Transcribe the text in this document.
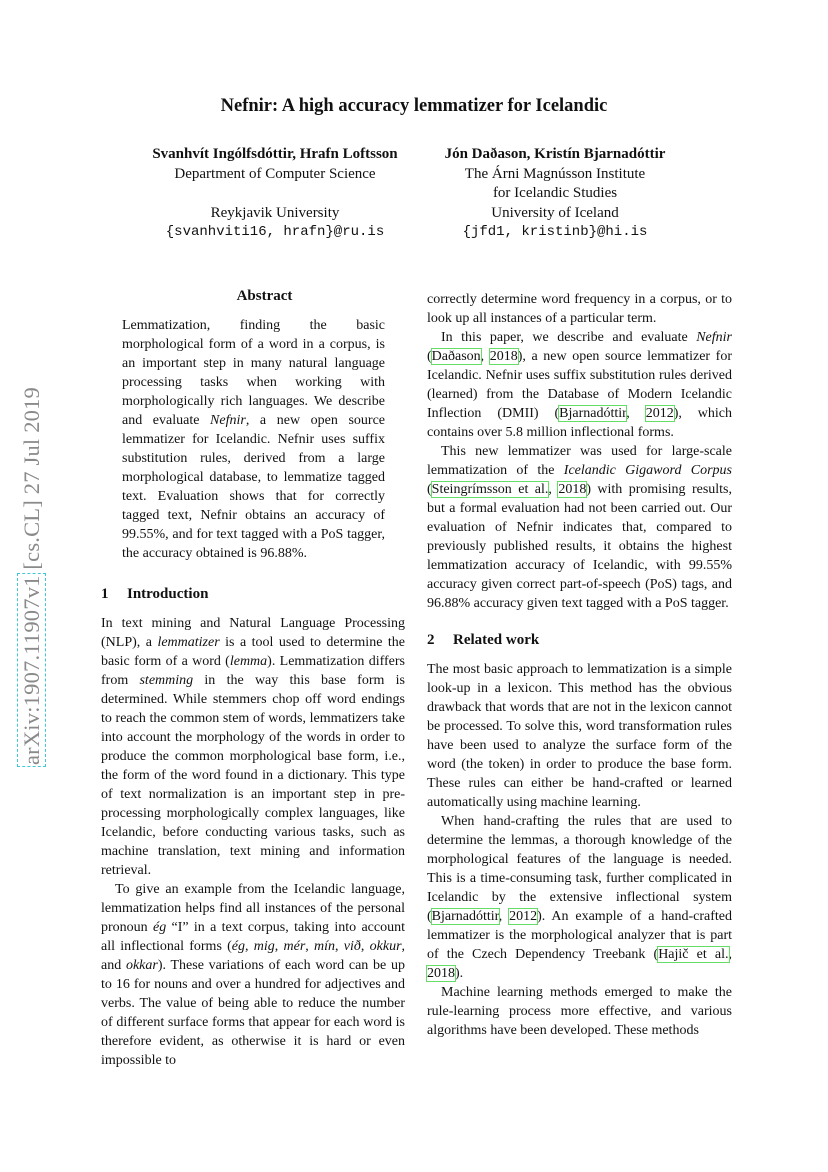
Nefnir: A high accuracy lemmatizer for Icelandic
Svanhvít Ingólfsdóttir, Hrafn Loftsson
Department of Computer Science
Reykjavik University
{svanhviti16, hrafn}@ru.is
Jón Daðason, Kristín Bjarnadóttir
The Árni Magnússon Institute
for Icelandic Studies
University of Iceland
{jfd1, kristinb}@hi.is
arXiv:1907.11907v1 [cs.CL] 27 Jul 2019
Abstract

Lemmatization, finding the basic morphological form of a word in a corpus, is an important step in many natural language processing tasks when working with morphologically rich languages. We describe and evaluate Nefnir, a new open source lemmatizer for Icelandic. Nefnir uses suffix substitution rules, derived from a large morphological database, to lemmatize tagged text. Evaluation shows that for correctly tagged text, Nefnir obtains an accuracy of 99.55%, and for text tagged with a PoS tagger, the accuracy obtained is 96.88%.

1 Introduction

In text mining and Natural Language Processing (NLP), a lemmatizer is a tool used to determine the basic form of a word (lemma). Lemmatization differs from stemming in the way this base form is determined. While stemmers chop off word endings to reach the common stem of words, lemmatizers take into account the morphology of the words in order to produce the common morphological base form, i.e., the form of the word found in a dictionary. This type of text normalization is an important step in pre-processing morphologically complex languages, like Icelandic, before conducting various tasks, such as machine translation, text mining and information retrieval.

To give an example from the Icelandic language, lemmatization helps find all instances of the personal pronoun ég “I” in a text corpus, taking into account all inflectional forms (ég, mig, mér, mín, við, okkur, and okkar). These variations of each word can be up to 16 for nouns and over a hundred for adjectives and verbs. The value of being able to reduce the number of different surface forms that appear for each word is therefore evident, as otherwise it is hard or even impossible to

correctly determine word frequency in a corpus, or to look up all instances of a particular term.

In this paper, we describe and evaluate Nefnir (Daðason, 2018), a new open source lemmatizer for Icelandic. Nefnir uses suffix substitution rules derived (learned) from the Database of Modern Icelandic Inflection (DMII) (Bjarnadóttir, 2012), which contains over 5.8 million inflectional forms.

This new lemmatizer was used for large-scale lemmatization of the Icelandic Gigaword Corpus (Steingrímsson et al., 2018) with promising results, but a formal evaluation had not been carried out. Our evaluation of Nefnir indicates that, compared to previously published results, it obtains the highest lemmatization accuracy of Icelandic, with 99.55% accuracy given correct part-of-speech (PoS) tags, and 96.88% accuracy given text tagged with a PoS tagger.

2 Related work

The most basic approach to lemmatization is a simple look-up in a lexicon. This method has the obvious drawback that words that are not in the lexicon cannot be processed. To solve this, word transformation rules have been used to analyze the surface form of the word (the token) in order to produce the base form. These rules can either be hand-crafted or learned automatically using machine learning.

When hand-crafting the rules that are used to determine the lemmas, a thorough knowledge of the morphological features of the language is needed. This is a time-consuming task, further complicated in Icelandic by the extensive inflectional system (Bjarnadóttir, 2012). An example of a hand-crafted lemmatizer is the morphological analyzer that is part of the Czech Dependency Treebank (Hajič et al., 2018).

Machine learning methods emerged to make the rule-learning process more effective, and various algorithms have been developed. These methods
